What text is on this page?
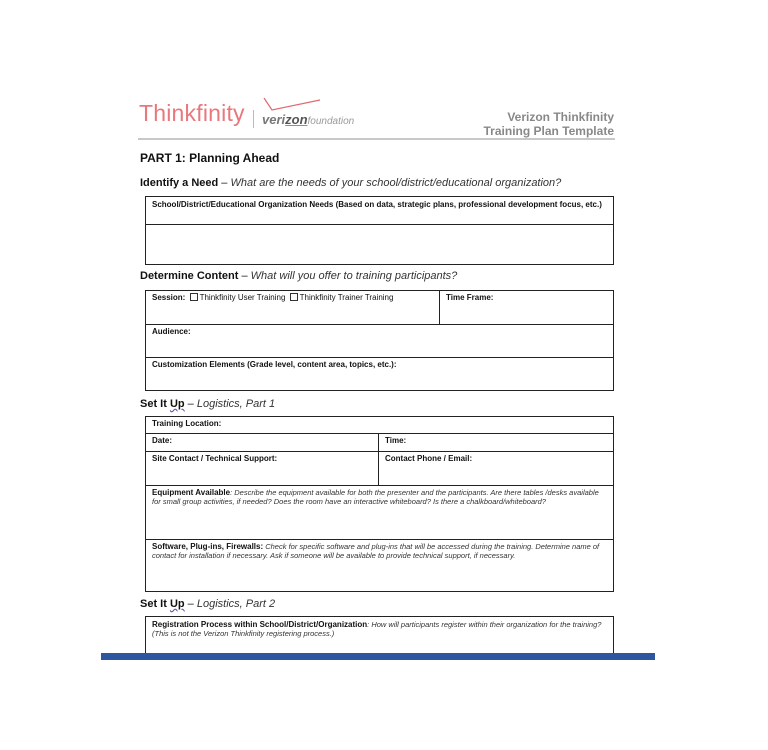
Thinkfinity verizonfoundation	Verizon Thinkfinity
Training Plan Template
PART 1: Planning Ahead
Identify a Need – What are the needs of your school/district/educational organization?
School/District/Educational Organization Needs (Based on data, strategic plans, professional development focus, etc.)
Determine Content – What will you offer to training participants?
Session: Thinkfinity User Training Thinkfinity Trainer Training	Time Frame:
Audience:
Customization Elements (Grade level, content area, topics, etc.):
Set It Up – Logistics, Part 1
Training Location:
Date:	Time:
Site Contact / Technical Support:	Contact Phone / Email:
Equipment Available: Describe the equipment available for both the presenter and the participants. Are there tables /desks available for small group activities, if needed? Does the room have an interactive whiteboard? Is there a chalkboard/whiteboard?
Software, Plug-ins, Firewalls: Check for specific software and plug-ins that will be accessed during the training. Determine name of contact for installation if necessary. Ask if someone will be available to provide technical support, if necessary.
Set It Up – Logistics, Part 2
Registration Process within School/District/Organization: How will participants register within their organization for the training? (This is not the Verizon Thinkfinity registering process.)
